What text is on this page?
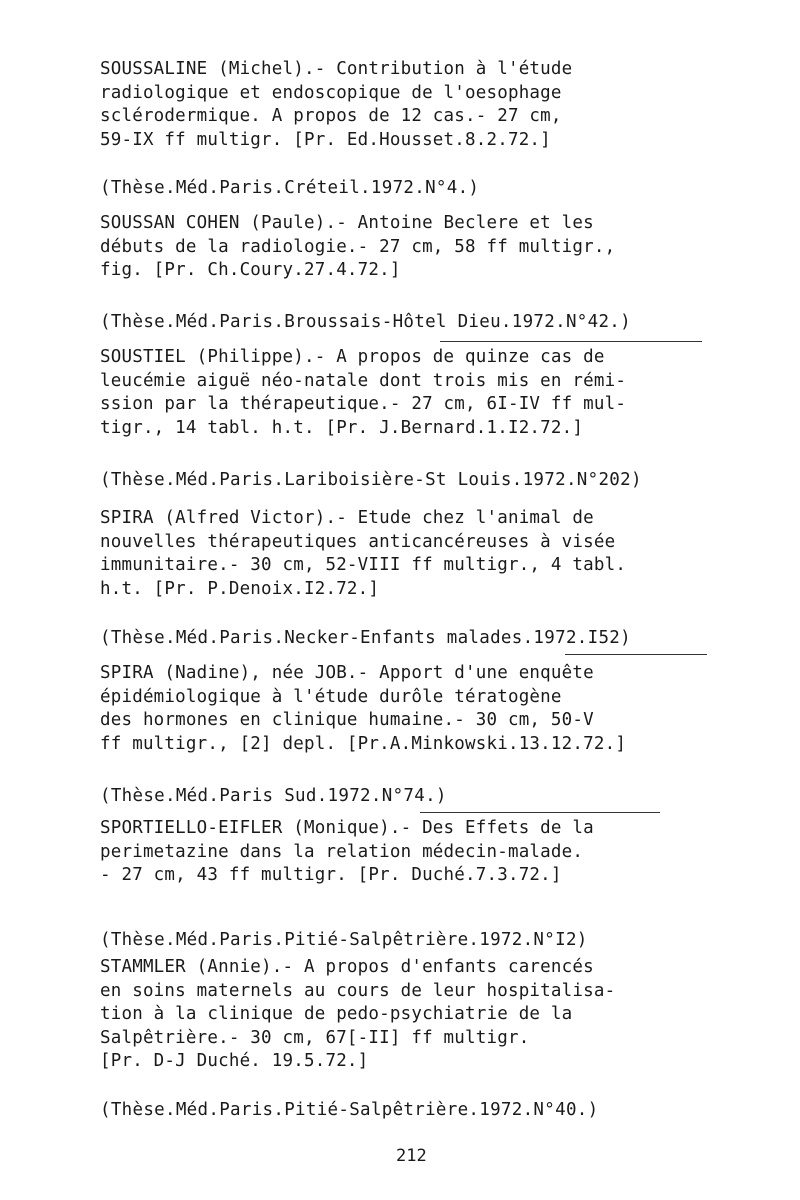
SOUSSALINE (Michel).- Contribution à l'étude
radiologique et endoscopique de l'oesophage
sclérodermique. A propos de 12 cas.- 27 cm,
59-IX ff multigr. [Pr. Ed.Housset.8.2.72.]
(Thèse.Méd.Paris.Créteil.1972.N°4.)
SOUSSAN COHEN (Paule).- Antoine Beclere et les
débuts de la radiologie.- 27 cm, 58 ff multigr.,
fig. [Pr. Ch.Coury.27.4.72.]
(Thèse.Méd.Paris.Broussais-Hôtel Dieu.1972.N°42.)
SOUSTIEL (Philippe).- A propos de quinze cas de
leucémie aiguë néo-natale dont trois mis en rémi-
ssion par la thérapeutique.- 27 cm, 6I-IV ff mul-
tigr., 14 tabl. h.t. [Pr. J.Bernard.1.I2.72.]
(Thèse.Méd.Paris.Lariboisière-St Louis.1972.N°202)
SPIRA (Alfred Victor).- Etude chez l'animal de
nouvelles thérapeutiques anticancéreuses à visée
immunitaire.- 30 cm, 52-VIII ff multigr., 4 tabl.
h.t. [Pr. P.Denoix.I2.72.]
(Thèse.Méd.Paris.Necker-Enfants malades.1972.I52)
SPIRA (Nadine), née JOB.- Apport d'une enquête
épidémiologique à l'étude durôle tératogène
des hormones en clinique humaine.- 30 cm, 50-V
ff multigr., [2] depl. [Pr.A.Minkowski.13.12.72.]
(Thèse.Méd.Paris Sud.1972.N°74.)
SPORTIELLO-EIFLER (Monique).- Des Effets de la
perimetazine dans la relation médecin-malade.
- 27 cm, 43 ff multigr. [Pr. Duché.7.3.72.]
(Thèse.Méd.Paris.Pitié-Salpêtrière.1972.N°I2)
STAMMLER (Annie).- A propos d'enfants carencés
en soins maternels au cours de leur hospitalisa-
tion à la clinique de pedo-psychiatrie de la
Salpêtrière.- 30 cm, 67[-II] ff multigr.
[Pr. D-J Duché. 19.5.72.]
(Thèse.Méd.Paris.Pitié-Salpêtrière.1972.N°40.)
212
